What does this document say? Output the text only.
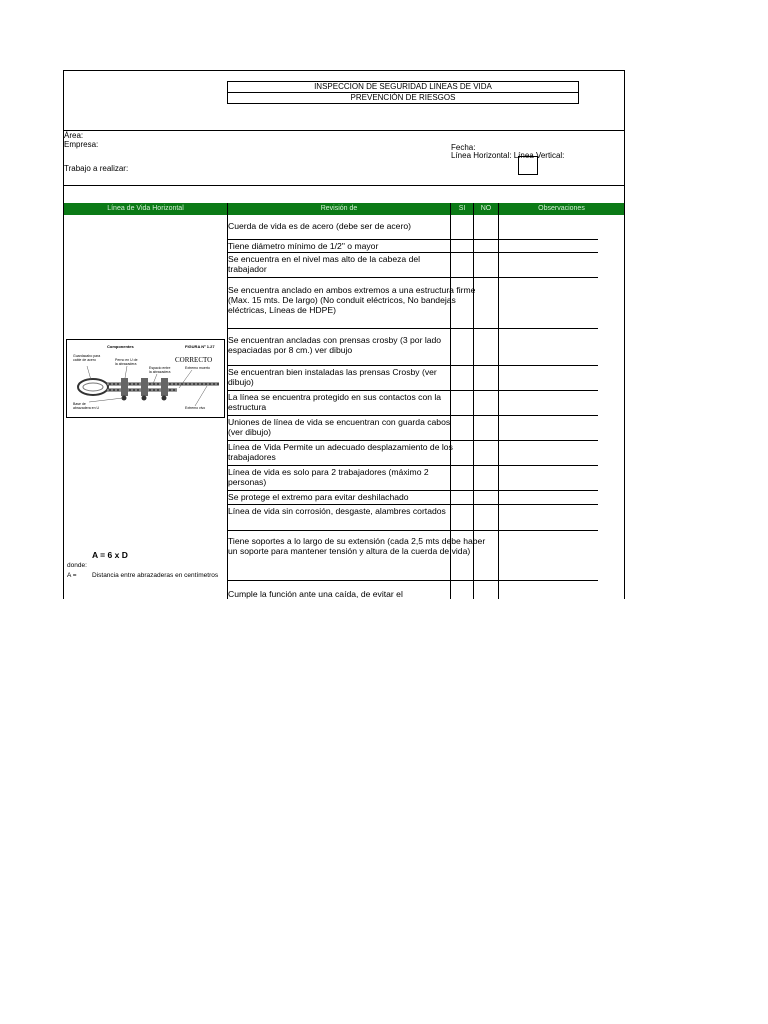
INSPECCION DE SEGURIDAD LINEAS DE VIDA
PREVENCIÓN DE RIESGOS
Área:
Empresa:
Trabajo a realizar:
Fecha:
Línea Horizontal: Línea Vertical:
Línea de Vida Horizontal	Revisión de	SI	NO	Observaciones
Cuerda de vida es de acero (debe ser de acero)
Tiene diámetro mínimo de 1/2" o mayor
Se encuentra en el nivel mas alto de la cabeza del trabajador
Se encuentra anclado en ambos extremos a una estructura firme (Max. 15 mts. De largo) (No conduit eléctricos, No bandejas eléctricas, Líneas de HDPE)
Se encuentran ancladas con prensas crosby (3 por lado espaciadas por 8 cm.) ver dibujo
Se encuentran bien instaladas las prensas Crosby (ver dibujo)
La línea se encuentra protegido en sus contactos con la estructura
Uniones de línea de vida se encuentran con guarda cabos (ver dibujo)
Línea de Vida Permite un adecuado desplazamiento de los trabajadores
Línea de vida es solo para 2 trabajadores (máximo 2 personas)
Se protege el extremo para evitar deshilachado
Línea de vida sin corrosión, desgaste, alambres cortados
Tiene soportes a lo largo de su extensión (cada 2,5 mts debe haber un soporte para mantener tensión y altura de la cuerda de vida)
Cumple la función ante una caída, de evitar el
Componentes	FIGURA Nº 1.27
CORRECTO
Guardacabo para cable de acero	Perno en U de la abrazadera
Espacio entre la abrazadera
Extremo muerto
Base de abrazadera en U	Extremo vivo
A = 6 x D
donde:
A = Distancia entre abrazaderas en centímetros
